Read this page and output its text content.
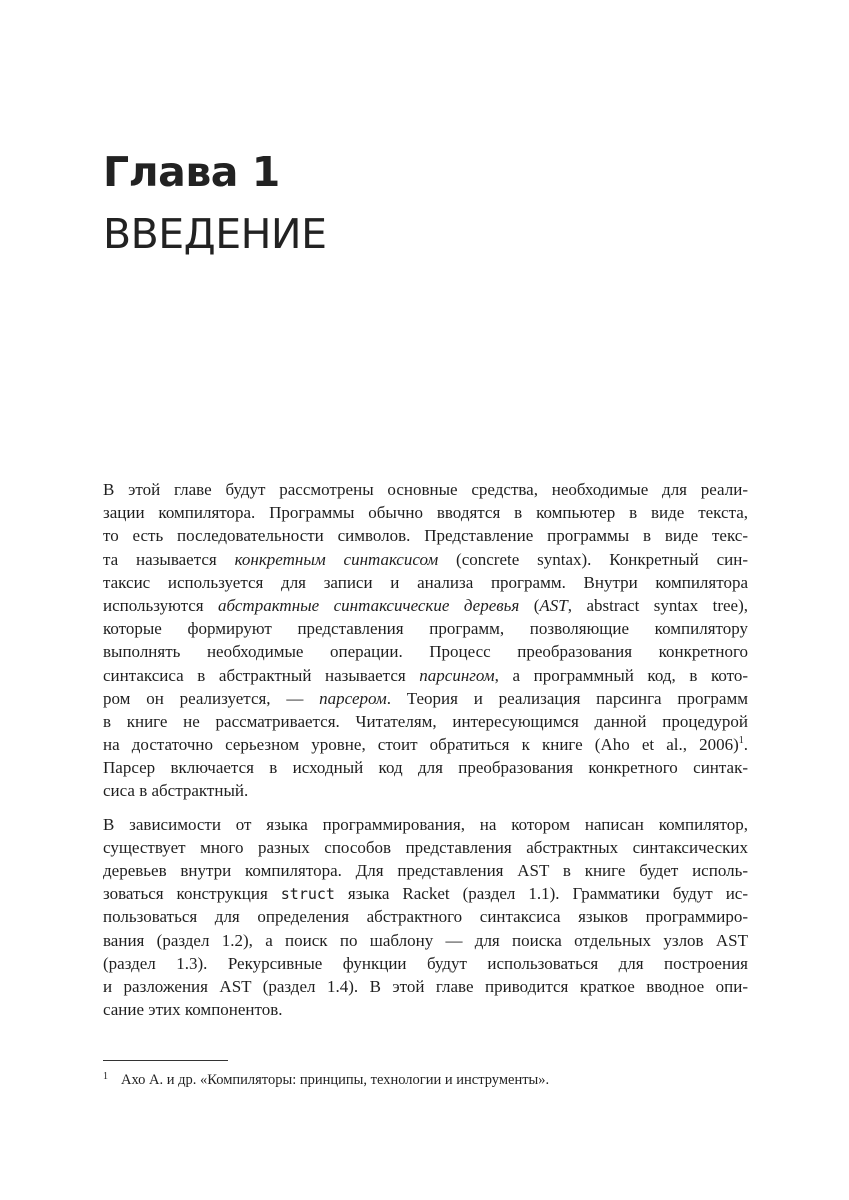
Глава 1
ВВЕДЕНИЕ

В этой главе будут рассмотрены основные средства, необходимые для реали-
зации компилятора. Программы обычно вводятся в компьютер в виде текста,
то есть последовательности символов. Представление программы в виде текс-
та называется конкретным синтаксисом (concrete syntax). Конкретный син-
таксис используется для записи и анализа программ. Внутри компилятора
используются абстрактные синтаксические деревья (AST, abstract syntax tree),
которые формируют представления программ, позволяющие компилятору
выполнять необходимые операции. Процесс преобразования конкретного
синтаксиса в абстрактный называется парсингом, а программный код, в кото-
ром он реализуется, — парсером. Теория и реализация парсинга программ
в книге не рассматривается. Читателям, интересующимся данной процедурой
на достаточно серьезном уровне, стоит обратиться к книге (Aho et al., 2006)$^1$.
Парсер включается в исходный код для преобразования конкретного синтак-
сиса в абстрактный.

В зависимости от языка программирования, на котором написан компилятор,
существует много разных способов представления абстрактных синтаксических
деревьев внутри компилятора. Для представления AST в книге будет исполь-
зоваться конструкция struct языка Racket (раздел 1.1). Грамматики будут ис-
пользоваться для определения абстрактного синтаксиса языков программиро-
вания (раздел 1.2), а поиск по шаблону — для поиска отдельных узлов AST
(раздел 1.3). Рекурсивные функции будут использоваться для построения
и разложения AST (раздел 1.4). В этой главе приводится краткое вводное опи-
сание этих компонентов.

1 Ахо А. и др. «Компиляторы: принципы, технологии и инструменты».
